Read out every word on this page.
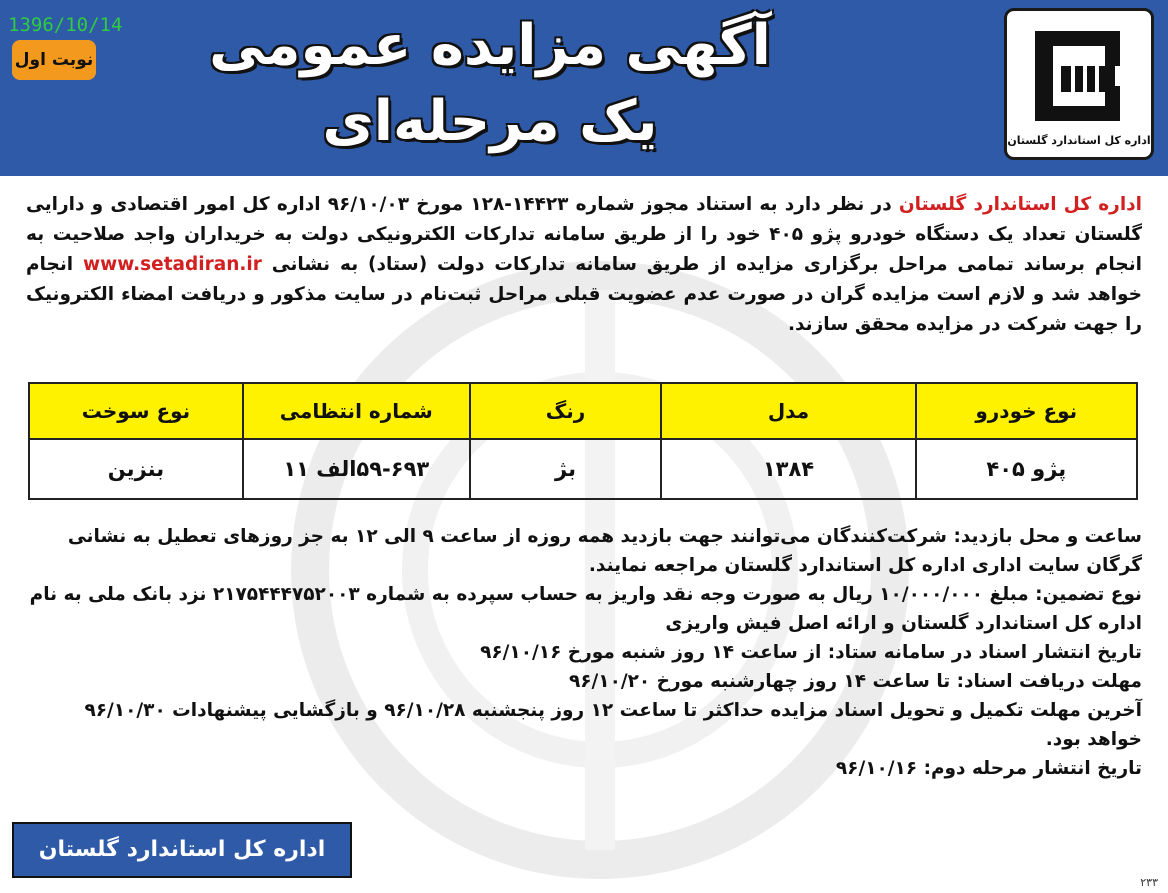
1396/10/14
نوبت اول	آگهی مزایده عمومی
یک مرحله‌ای	اداره کل استاندارد گلستان
اداره کل استاندارد گلستان در نظر دارد به استناد مجوز شماره ۱۴۴۲۳-۱۲۸ مورخ ۹۶/۱۰/۰۳ اداره کل امور اقتصادی و دارایی گلستان تعداد یک دستگاه خودرو پژو ۴۰۵ خود را از طریق سامانه تدارکات الکترونیکی دولت به خریداران واجد صلاحیت به انجام برساند تمامی مراحل برگزاری مزایده از طریق سامانه تدارکات دولت (ستاد) به نشانی www.setadiran.ir انجام خواهد شد و لازم است مزایده گران در صورت عدم عضویت قبلی مراحل ثبت‌نام در سایت مذکور و دریافت امضاء الکترونیک را جهت شرکت در مزایده محقق سازند.
نوع خودرو	مدل	رنگ	شماره انتظامی	نوع سوخت
پژو ۴۰۵	۱۳۸۴	بژ	۵۹-۶۹۳الف ۱۱	بنزین

ساعت و محل بازدید: شرکت‌کنندگان می‌توانند جهت بازدید همه روزه از ساعت ۹ الی ۱۲ به جز روزهای تعطیل به نشانی گرگان سایت اداری اداره کل استاندارد گلستان مراجعه نمایند.

نوع تضمین: مبلغ ۱۰/۰۰۰/۰۰۰ ریال به صورت وجه نقد واریز به حساب سپرده به شماره ۲۱۷۵۴۴۴۷۵۲۰۰۳ نزد بانک ملی به نام اداره کل استاندارد گلستان و ارائه اصل فیش واریزی

تاریخ انتشار اسناد در سامانه ستاد: از ساعت ۱۴ روز شنبه مورخ ۹۶/۱۰/۱۶

مهلت دریافت اسناد: تا ساعت ۱۴ روز چهارشنبه مورخ ۹۶/۱۰/۲۰

آخرین مهلت تکمیل و تحویل اسناد مزایده حداکثر تا ساعت ۱۲ روز پنجشنبه ۹۶/۱۰/۲۸ و بازگشایی پیشنهادات ۹۶/۱۰/۳۰ خواهد بود.

تاریخ انتشار مرحله دوم: ۹۶/۱۰/۱۶

اداره کل استاندارد گلستان
۲۳۳
